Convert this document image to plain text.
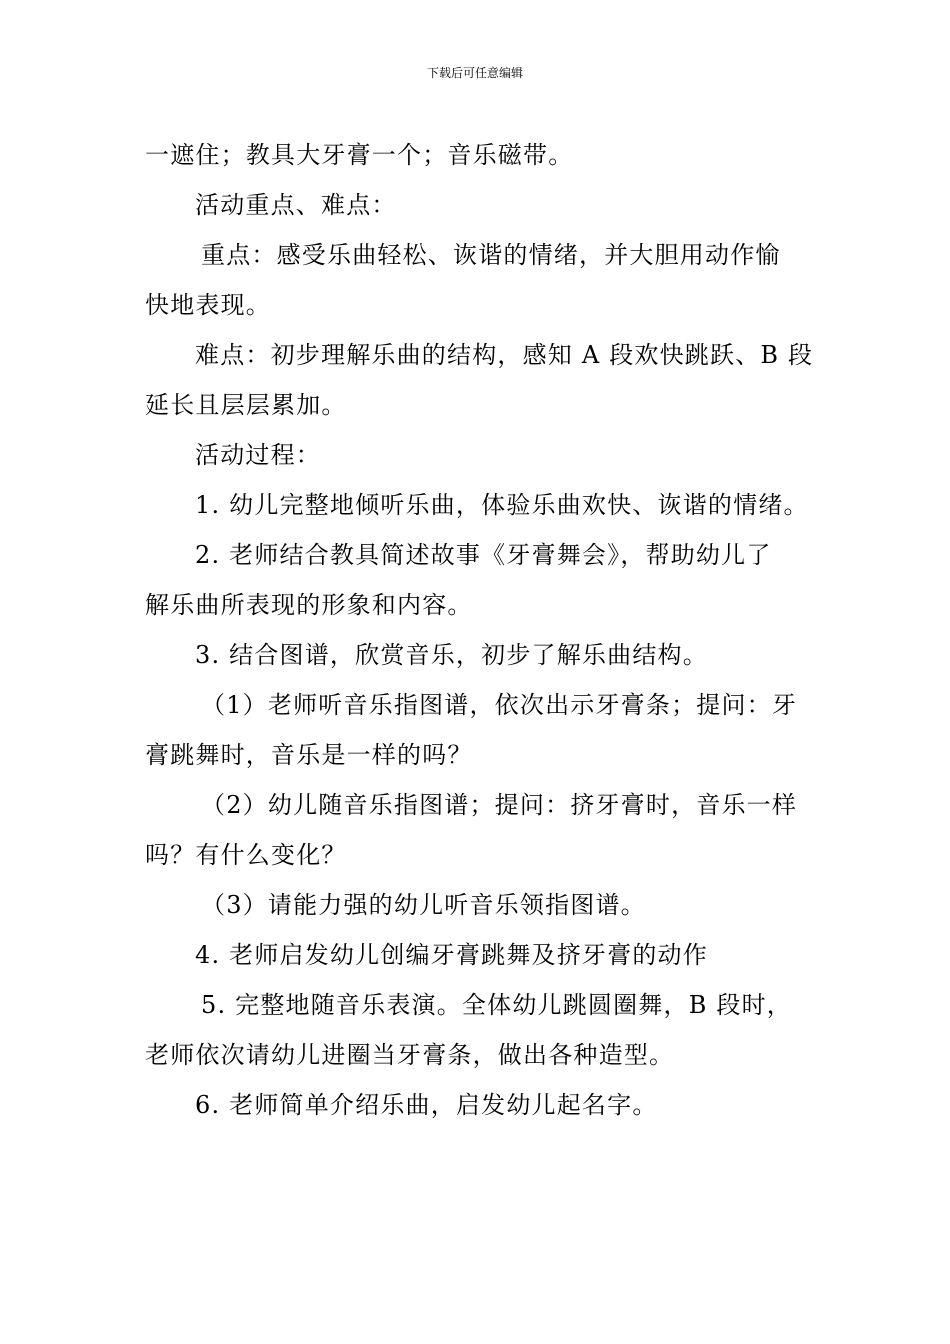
下载后可任意编辑
一遮住；教具大牙膏一个；音乐磁带。
活动重点、难点：
重点：感受乐曲轻松、诙谐的情绪，并大胆用动作愉
快地表现。
难点：初步理解乐曲的结构，感知 A 段欢快跳跃、B 段
延长且层层累加。
活动过程：
1. 幼儿完整地倾听乐曲，体验乐曲欢快、诙谐的情绪。
2. 老师结合教具简述故事《牙膏舞会》，帮助幼儿了
解乐曲所表现的形象和内容。
3. 结合图谱，欣赏音乐，初步了解乐曲结构。
（1）老师听音乐指图谱，依次出示牙膏条；提问：牙
膏跳舞时，音乐是一样的吗？
（2）幼儿随音乐指图谱；提问：挤牙膏时，音乐一样
吗？有什么变化？
（3）请能力强的幼儿听音乐领指图谱。
4. 老师启发幼儿创编牙膏跳舞及挤牙膏的动作
5. 完整地随音乐表演。全体幼儿跳圆圈舞，B 段时，
老师依次请幼儿进圈当牙膏条，做出各种造型。
6. 老师简单介绍乐曲，启发幼儿起名字。
